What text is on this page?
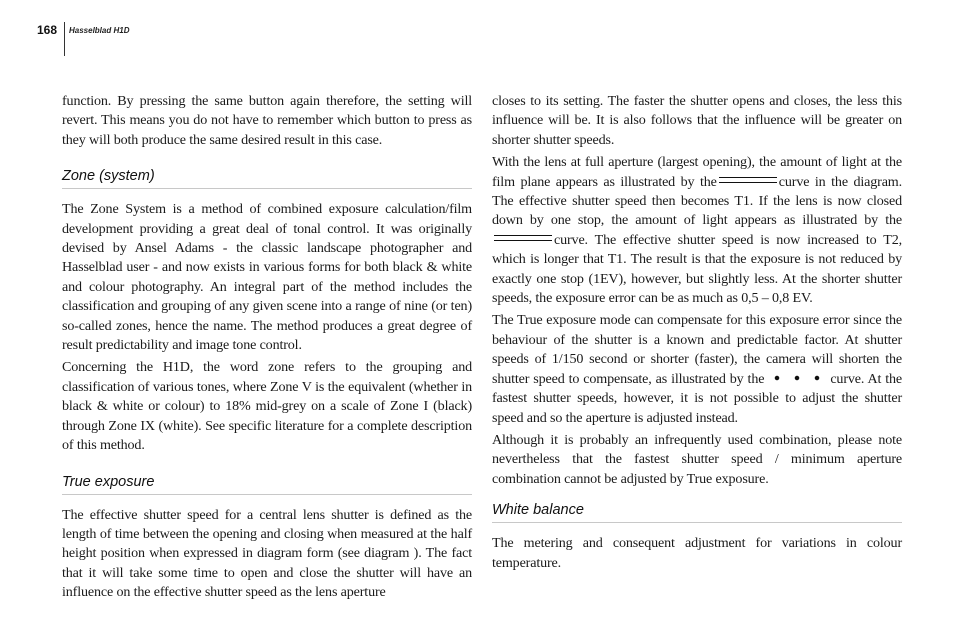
168 Hasselblad H1D

function. By pressing the same button again therefore, the setting will revert. This means you do not have to remember which button to press as they will both produce the same desired result in this case.

Zone (system)

The Zone System is a method of combined exposure calculation/film development providing a great deal of tonal control. It was originally devised by Ansel Adams - the classic landscape photographer and Hasselblad user - and now exists in various forms for both black & white and colour photography. An integral part of the method includes the classification and grouping of any given scene into a range of nine (or ten) so-called zones, hence the name. The method produces a great degree of result predictability and image tone control.

Concerning the H1D, the word zone refers to the grouping and classification of various tones, where Zone V is the equivalent (whether in black & white or colour) to 18% mid-grey on a scale of Zone I (black) through Zone IX (white). See specific literature for a complete description of this method.

True exposure

The effective shutter speed for a central lens shutter is defined as the length of time between the opening and closing when measured at the half height position when expressed in diagram form (see diagram ). The fact that it will take some time to open and close the shutter will have an influence on the effective shutter speed as the lens aperture

closes to its setting. The faster the shutter opens and closes, the less this influence will be. It is also follows that the influence will be greater on shorter shutter speeds.

With the lens at full aperture (largest opening), the amount of light at the film plane appears as illustrated by the	curve in the diagram. The effective shutter speed then becomes T1. If the lens is now closed down by one stop, the amount of light appears as illustrated by thecurve. The effective shutter speed is now increased to T2, which is longer that T1. The result is that the exposure is not reduced by exactly one stop (1EV), however, but slightly less. At the shorter shutter speeds, the exposure error can be as much as 0,5 – 0,8 EV.

The True exposure mode can compensate for this exposure error since the behaviour of the shutter is a known and predictable factor. At shutter speeds of 1/150 second or shorter (faster), the camera will shorten the shutter speed to compensate, as illustrated by the	curve. At the fastest shutter speeds, however, it is not possible to adjust the shutter speed and so the aperture is adjusted instead.

Although it is probably an infrequently used combination, please note nevertheless that the fastest shutter speed / minimum aperture combination cannot be adjusted by True exposure.

White balance

The metering and consequent adjustment for variations in colour temperature.
